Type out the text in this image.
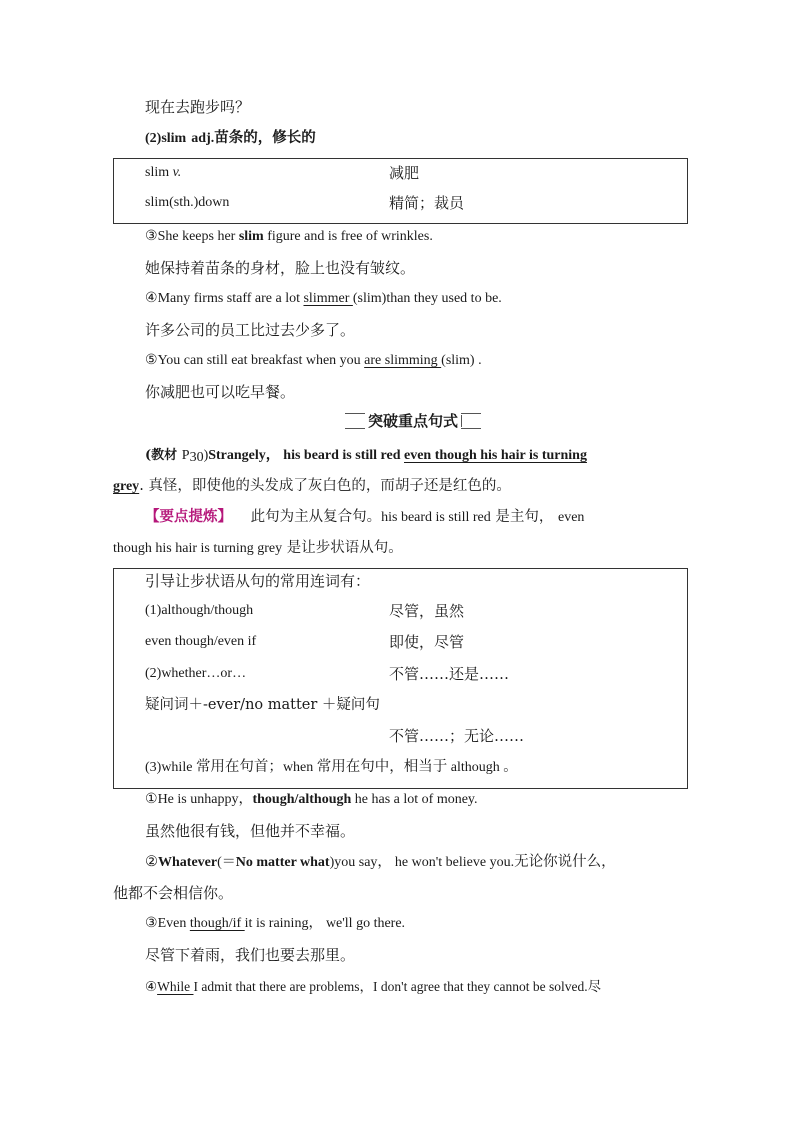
现在去跑步吗？
(2)slim adj.苗条的，修长的
slim v.	减肥
slim(sth.)down	精简；裁员
③She keeps her slim figure and is free of wrinkles.
她保持着苗条的身材，脸上也没有皱纹。
④Many firms staff are a lot slimmer (slim)than they used to be.
许多公司的员工比过去少多了。
⑤You can still eat breakfast when you are slimming (slim) .
你减肥也可以吃早餐。
突破重点句式
(教材 P30)Strangely， his beard is still red even though his hair is turning
grey. 真怪，即使他的头发成了灰白色的，而胡子还是红色的。
【要点提炼】 此句为主从复合句。his beard is still red 是主句， even
though his hair is turning grey 是让步状语从句。
引导让步状语从句的常用连词有：
(1)although/though	尽管，虽然
even though/even if	即使，尽管
(2)whether…or…	不管……还是……
疑问词＋-ever/no matter ＋疑问句
不管……；无论……
(3)while 常用在句首；when 常用在句中，相当于 although 。
①He is unhappy，though/although he has a lot of money.
虽然他很有钱，但他并不幸福。
②Whatever(＝No matter what)you say， he won't believe you.无论你说什么，
他都不会相信你。
③Even though/if it is raining， we'll go there.
尽管下着雨，我们也要去那里。
④While I admit that there are problems，I don't agree that they cannot be solved.尽
